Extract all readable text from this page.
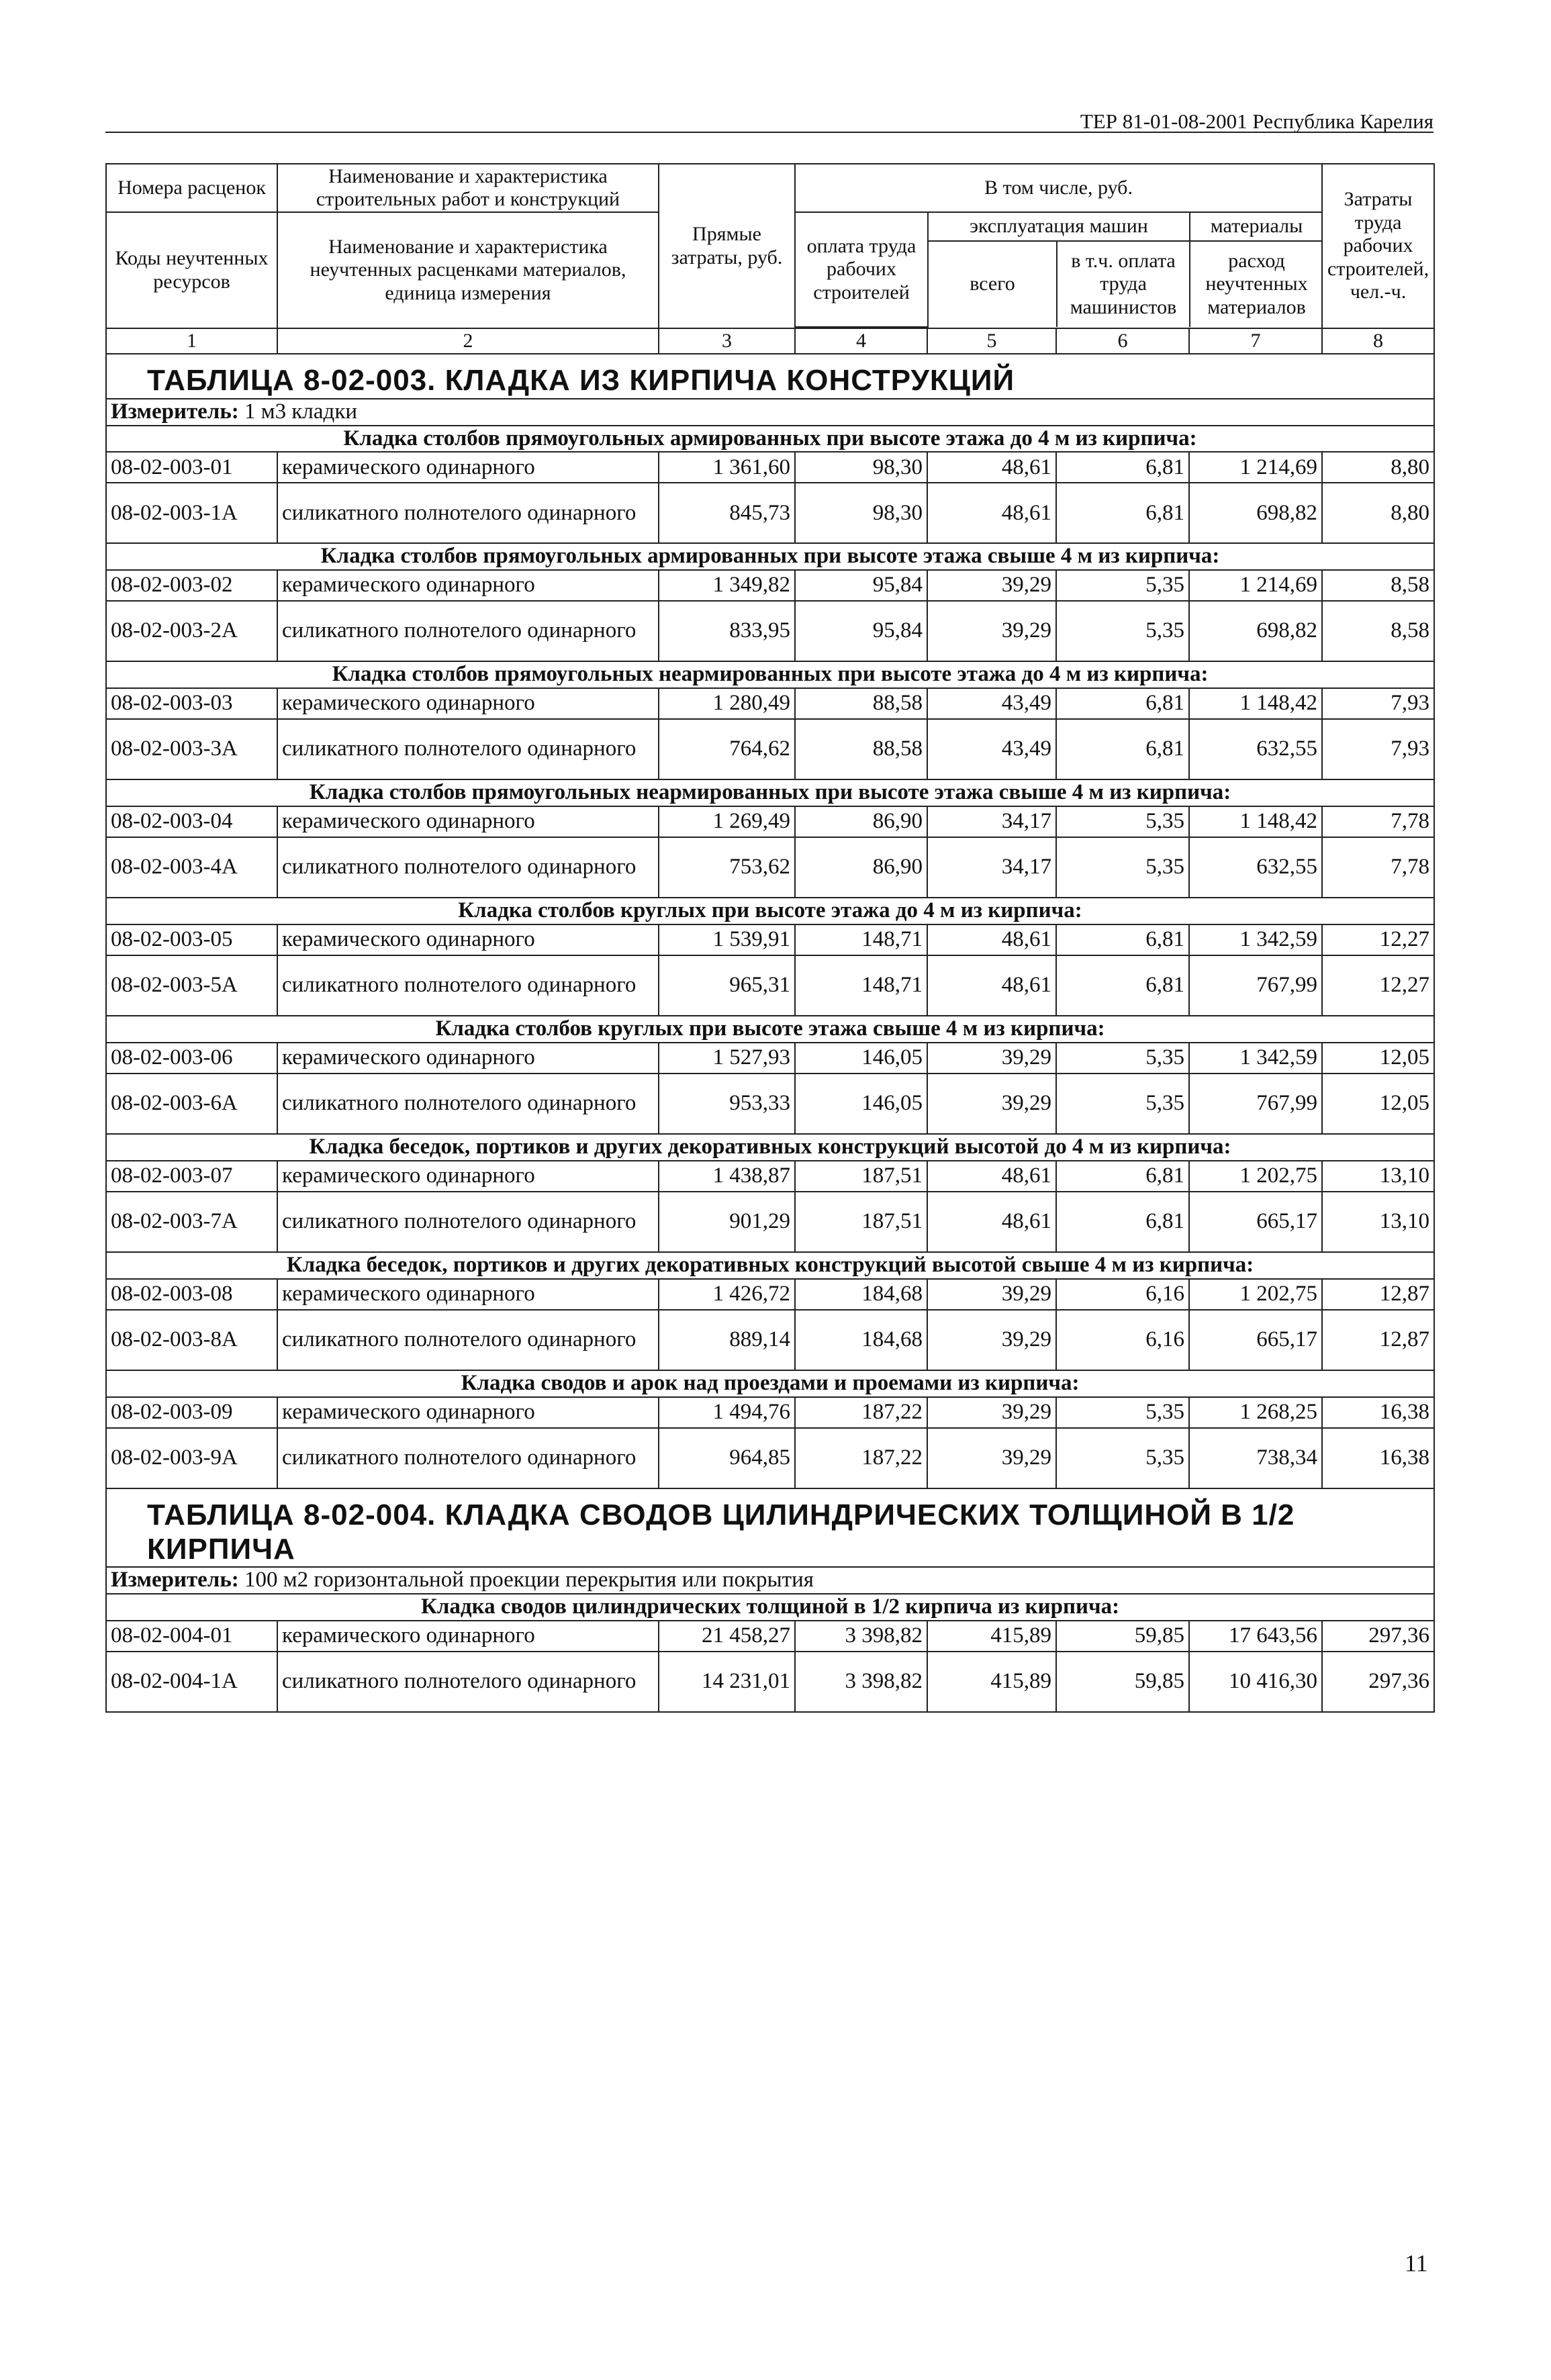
ТЕР 81-01-08-2001 Республика Карелия
Номера расценок	Наименование и характеристика строительных работ и конструкций	Прямые затраты, руб.	В том числе, руб.	Затраты труда рабочих строителей, чел.-ч.
Коды неучтенных ресурсов	Наименование и характеристика неучтенных расценками материалов, единица измерения	
оплата труда рабочих строителей	эксплуатация машин	материалы
всего	в т.ч. оплата труда машинистов	расход неучтенных материалов

1	2	3	4	5	6	7	8
ТАБЛИЦА 8-02-003. КЛАДКА ИЗ КИРПИЧА КОНСТРУКЦИЙ
Измеритель: 1 м3 кладки
Кладка столбов прямоугольных армированных при высоте этажа до 4 м из кирпича:
08-02-003-01	керамического одинарного	1 361,60	98,30	48,61	6,81	1 214,69	8,80
08-02-003-1А	силикатного полнотелого одинарного	845,73	98,30	48,61	6,81	698,82	8,80
Кладка столбов прямоугольных армированных при высоте этажа свыше 4 м из кирпича:
08-02-003-02	керамического одинарного	1 349,82	95,84	39,29	5,35	1 214,69	8,58
08-02-003-2А	силикатного полнотелого одинарного	833,95	95,84	39,29	5,35	698,82	8,58
Кладка столбов прямоугольных неармированных при высоте этажа до 4 м из кирпича:
08-02-003-03	керамического одинарного	1 280,49	88,58	43,49	6,81	1 148,42	7,93
08-02-003-3А	силикатного полнотелого одинарного	764,62	88,58	43,49	6,81	632,55	7,93
Кладка столбов прямоугольных неармированных при высоте этажа свыше 4 м из кирпича:
08-02-003-04	керамического одинарного	1 269,49	86,90	34,17	5,35	1 148,42	7,78
08-02-003-4А	силикатного полнотелого одинарного	753,62	86,90	34,17	5,35	632,55	7,78
Кладка столбов круглых при высоте этажа до 4 м из кирпича:
08-02-003-05	керамического одинарного	1 539,91	148,71	48,61	6,81	1 342,59	12,27
08-02-003-5А	силикатного полнотелого одинарного	965,31	148,71	48,61	6,81	767,99	12,27
Кладка столбов круглых при высоте этажа свыше 4 м из кирпича:
08-02-003-06	керамического одинарного	1 527,93	146,05	39,29	5,35	1 342,59	12,05
08-02-003-6А	силикатного полнотелого одинарного	953,33	146,05	39,29	5,35	767,99	12,05
Кладка беседок, портиков и других декоративных конструкций высотой до 4 м из кирпича:
08-02-003-07	керамического одинарного	1 438,87	187,51	48,61	6,81	1 202,75	13,10
08-02-003-7А	силикатного полнотелого одинарного	901,29	187,51	48,61	6,81	665,17	13,10
Кладка беседок, портиков и других декоративных конструкций высотой свыше 4 м из кирпича:
08-02-003-08	керамического одинарного	1 426,72	184,68	39,29	6,16	1 202,75	12,87
08-02-003-8А	силикатного полнотелого одинарного	889,14	184,68	39,29	6,16	665,17	12,87
Кладка сводов и арок над проездами и проемами из кирпича:
08-02-003-09	керамического одинарного	1 494,76	187,22	39,29	5,35	1 268,25	16,38
08-02-003-9А	силикатного полнотелого одинарного	964,85	187,22	39,29	5,35	738,34	16,38
ТАБЛИЦА 8-02-004. КЛАДКА СВОДОВ ЦИЛИНДРИЧЕСКИХ ТОЛЩИНОЙ В 1/2 КИРПИЧА
Измеритель: 100 м2 горизонтальной проекции перекрытия или покрытия
Кладка сводов цилиндрических толщиной в 1/2 кирпича из кирпича:
08-02-004-01	керамического одинарного	21 458,27	3 398,82	415,89	59,85	17 643,56	297,36
08-02-004-1А	силикатного полнотелого одинарного	14 231,01	3 398,82	415,89	59,85	10 416,30	297,36
11
